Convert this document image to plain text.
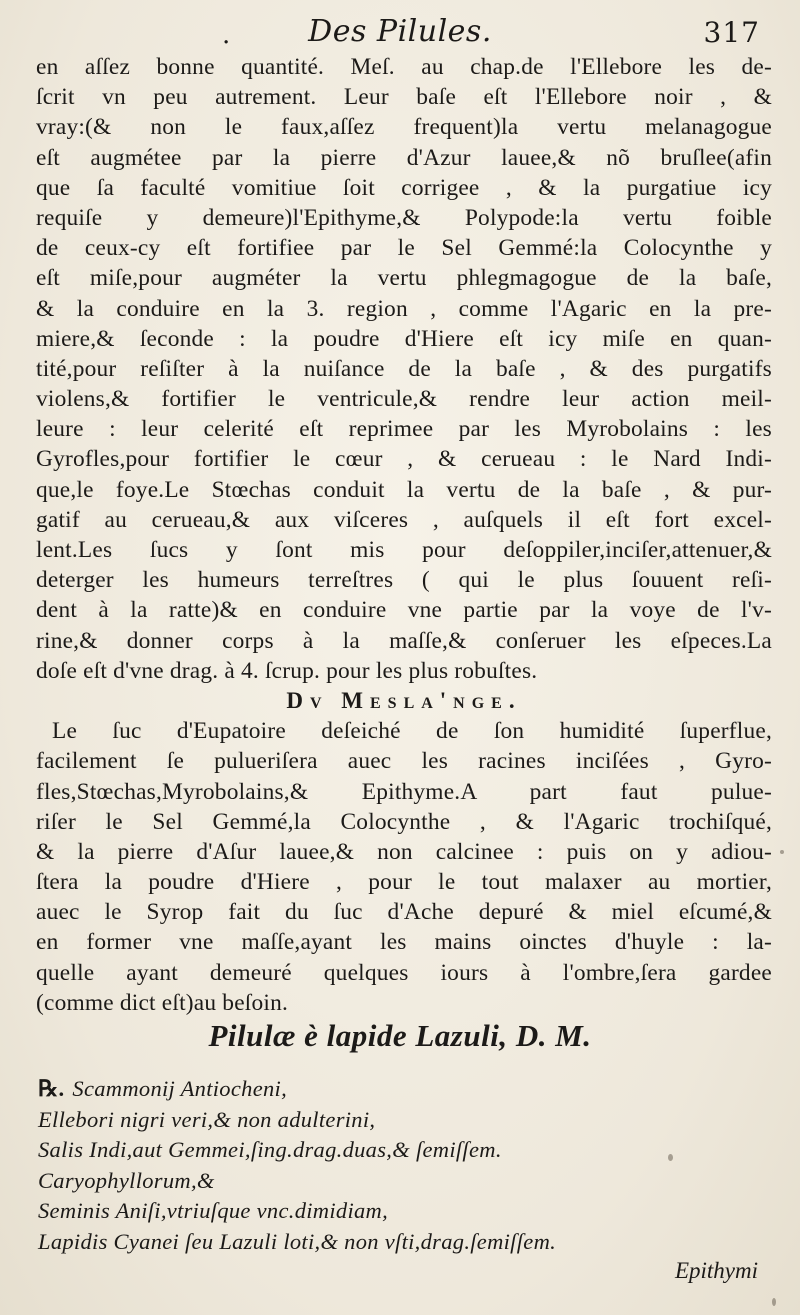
.	Des Pilules.	317
en aſſez bonne quantité. Meſ. au chap.de l'Ellebore les de-
ſcrit vn peu autrement. Leur baſe eſt l'Ellebore noir , &
vray:(& non le faux,aſſez frequent)la vertu melanagogue
eſt augmétee par la pierre d'Azur lauee,& nõ bruſlee(afin
que ſa faculté vomitiue ſoit corrigee , & la purgatiue icy
requiſe y demeure)l'Epithyme,& Polypode:la vertu foible
de ceux-cy eſt fortifiee par le Sel Gemmé:la Colocynthe y
eſt miſe,pour augméter la vertu phlegmagogue de la baſe,
& la conduire en la 3. region , comme l'Agaric en la pre-
miere,& ſeconde : la poudre d'Hiere eſt icy miſe en quan-
tité,pour reſiſter à la nuiſance de la baſe , & des purgatifs
violens,& fortifier le ventricule,& rendre leur action meil-
leure : leur celerité eſt reprimee par les Myrobolains : les
Gyrofles,pour fortifier le cœur , & cerueau : le Nard Indi-
que,le foye.Le Stœchas conduit la vertu de la baſe , & pur-
gatif au cerueau,& aux viſceres , auſquels il eſt fort excel-
lent.Les ſucs y ſont mis pour deſoppiler,inciſer,attenuer,&
deterger les humeurs terreſtres ( qui le plus ſouuent reſi-
dent à la ratte)& en conduire vne partie par la voye de l'v-
rine,& donner corps à la maſſe,& conſeruer les eſpeces.La
doſe eſt d'vne drag. à 4. ſcrup. pour les plus robuſtes.
Dv Mesla'nge.
Le ſuc d'Eupatoire deſeiché de ſon humidité ſuperflue,
facilement ſe pulueriſera auec les racines inciſées , Gyro-
fles,Stœchas,Myrobolains,& Epithyme.A part faut pulue-
riſer le Sel Gemmé,la Colocynthe , & l'Agaric trochiſqué,
& la pierre d'Aſur lauee,& non calcinee : puis on y adiou-
ſtera la poudre d'Hiere , pour le tout malaxer au mortier,
auec le Syrop fait du ſuc d'Ache depuré & miel eſcumé,&
en former vne maſſe,ayant les mains oinctes d'huyle : la-
quelle ayant demeuré quelques iours à l'ombre,ſera gardee
(comme dict eſt)au beſoin.
Pilulæ è lapide Lazuli, D. M.
℞. Scammonij Antiocheni,
Ellebori nigri veri,& non adulterini,
Salis Indi,aut Gemmei,ſing.drag.duas,& ſemiſſem.
Caryophyllorum,&
Seminis Aniſi,vtriuſque vnc.dimidiam,
Lapidis Cyanei ſeu Lazuli loti,& non vſti,drag.ſemiſſem.
Epithymi
